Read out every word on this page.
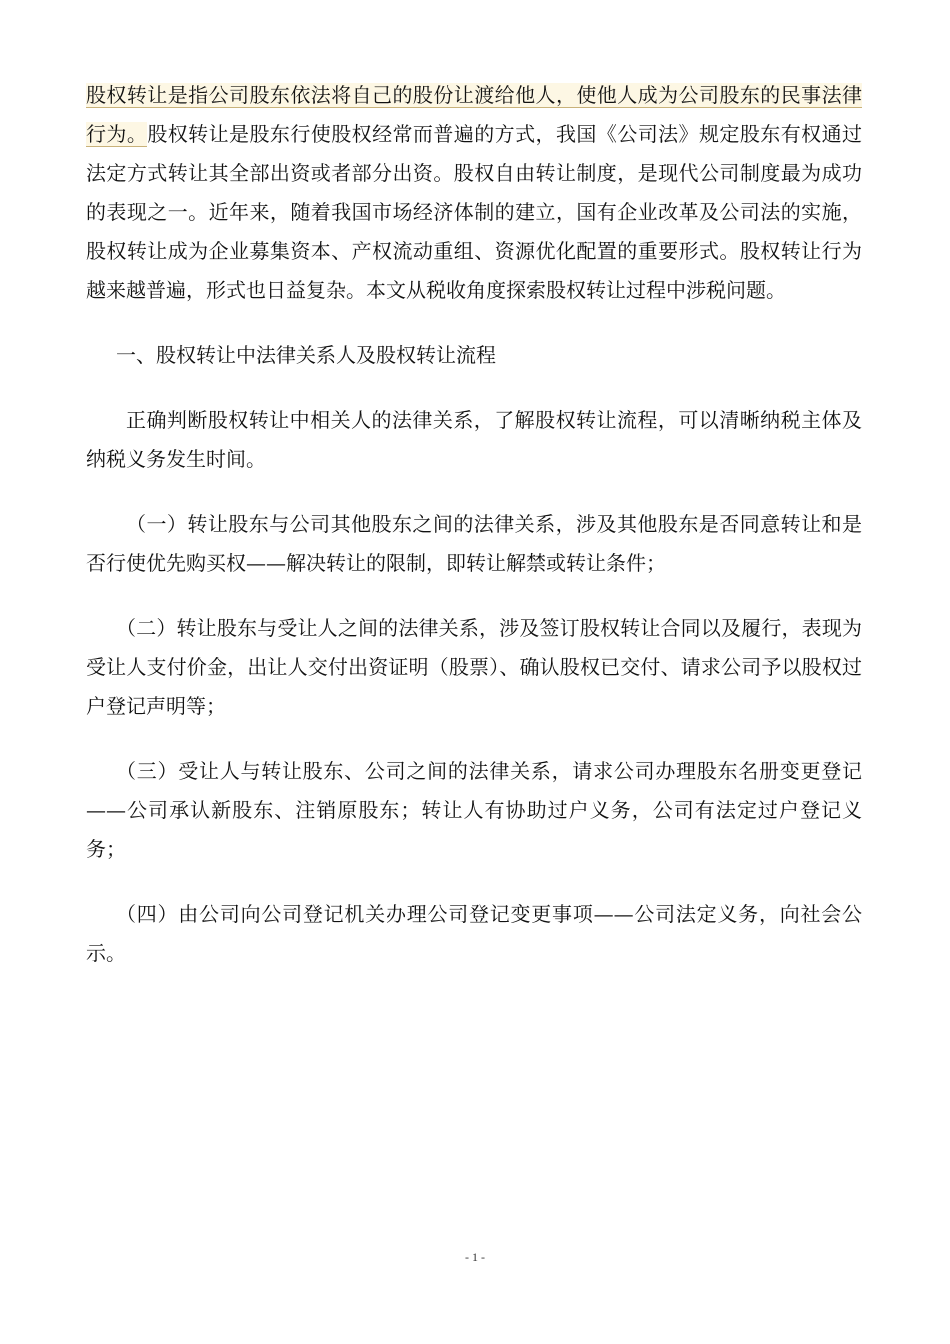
股权转让是指公司股东依法将自己的股份让渡给他人，使他人成为公司股东的民事法律行为。股权转让是股东行使股权经常而普遍的方式，我国《公司法》规定股东有权通过法定方式转让其全部出资或者部分出资。股权自由转让制度，是现代公司制度最为成功的表现之一。近年来，随着我国市场经济体制的建立，国有企业改革及公司法的实施，股权转让成为企业募集资本、产权流动重组、资源优化配置的重要形式。股权转让行为越来越普遍，形式也日益复杂。本文从税收角度探索股权转让过程中涉税问题。

一、股权转让中法律关系人及股权转让流程

正确判断股权转让中相关人的法律关系，了解股权转让流程，可以清晰纳税主体及纳税义务发生时间。

（一）转让股东与公司其他股东之间的法律关系，涉及其他股东是否同意转让和是否行使优先购买权——解决转让的限制，即转让解禁或转让条件；

（二）转让股东与受让人之间的法律关系，涉及签订股权转让合同以及履行，表现为受让人支付价金，出让人交付出资证明（股票）、确认股权已交付、请求公司予以股权过户登记声明等；

（三）受让人与转让股东、公司之间的法律关系，请求公司办理股东名册变更登记——公司承认新股东、注销原股东；转让人有协助过户义务，公司有法定过户登记义务；

（四）由公司向公司登记机关办理公司登记变更事项——公司法定义务，向社会公示。

- 1 -
